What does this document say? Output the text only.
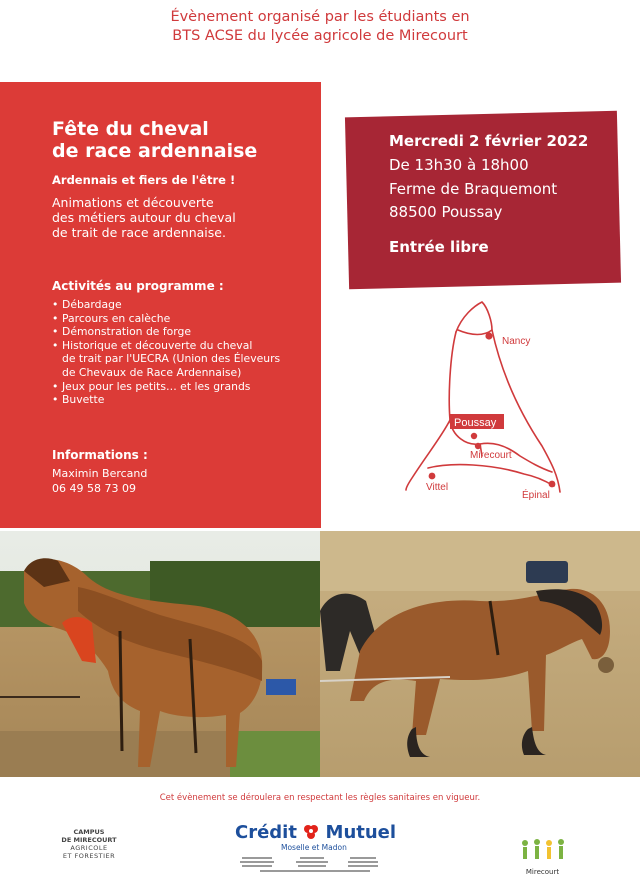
Évènement organisé par les étudiants en
BTS ACSE du lycée agricole de Mirecourt
Fête du cheval
de race ardennaise
Ardennais et fiers de l'être !
Animations et découverte
des métiers autour du cheval
de trait de race ardennaise.
Activités au programme :
• Débardage
• Parcours en calèche
• Démonstration de forge
• Historique et découverte du cheval
de trait par l'UECRA (Union des Éleveurs
de Chevaux de Race Ardennaise)
• Jeux pour les petits… et les grands
• Buvette
Informations :
Maximin Bercand
06 49 58 73 09
Mercredi 2 février 2022
De 13h30 à 18h00
Ferme de Braquemont
88500 Poussay
Entrée libre
Poussay
Nancy
Mirecourt
Vittel
Épinal
Cet évènement se déroulera en respectant les règles sanitaires en vigueur.
CAMPUS
DE MIRECOURT
AGRICOLE
ET FORESTIER
Crédit Mutuel
Moselle et Madon
Mirecourt
